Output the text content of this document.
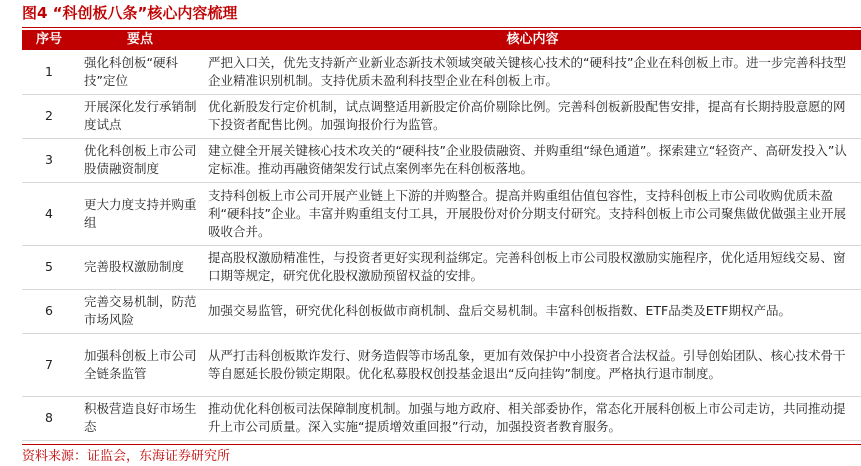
图4 “科创板八条”核心内容梳理
序号	要点	核心内容
1	强化科创板“硬科技”定位	严把入口关，优先支持新产业新业态新技术领域突破关键核心技术的“硬科技”企业在科创板上市。进一步完善科技型企业精准识别机制。支持优质未盈利科技型企业在科创板上市。
2	开展深化发行承销制度试点	优化新股发行定价机制，试点调整适用新股定价高价剔除比例。完善科创板新股配售安排，提高有长期持股意愿的网下投资者配售比例。加强询报价行为监管。
3	优化科创板上市公司股债融资制度	建立健全开展关键核心技术攻关的“硬科技”企业股债融资、并购重组“绿色通道”。探索建立“轻资产、高研发投入”认定标准。推动再融资储架发行试点案例率先在科创板落地。
4	更大力度支持并购重组	支持科创板上市公司开展产业链上下游的并购整合。提高并购重组估值包容性，支持科创板上市公司收购优质未盈利“硬科技”企业。丰富并购重组支付工具，开展股份对价分期支付研究。支持科创板上市公司聚焦做优做强主业开展吸收合并。
5	完善股权激励制度	提高股权激励精准性，与投资者更好实现利益绑定。完善科创板上市公司股权激励实施程序，优化适用短线交易、窗口期等规定，研究优化股权激励预留权益的安排。
6	完善交易机制，防范市场风险	加强交易监管，研究优化科创板做市商机制、盘后交易机制。丰富科创板指数、ETF品类及ETF期权产品。
7	加强科创板上市公司全链条监管	从严打击科创板欺诈发行、财务造假等市场乱象，更加有效保护中小投资者合法权益。引导创始团队、核心技术骨干等自愿延长股份锁定期限。优化私募股权创投基金退出“反向挂钩”制度。严格执行退市制度。
8	积极营造良好市场生态	推动优化科创板司法保障制度机制。加强与地方政府、相关部委协作，常态化开展科创板上市公司走访，共同推动提升上市公司质量。深入实施“提质增效重回报”行动，加强投资者教育服务。
资料来源：证监会，东海证券研究所
